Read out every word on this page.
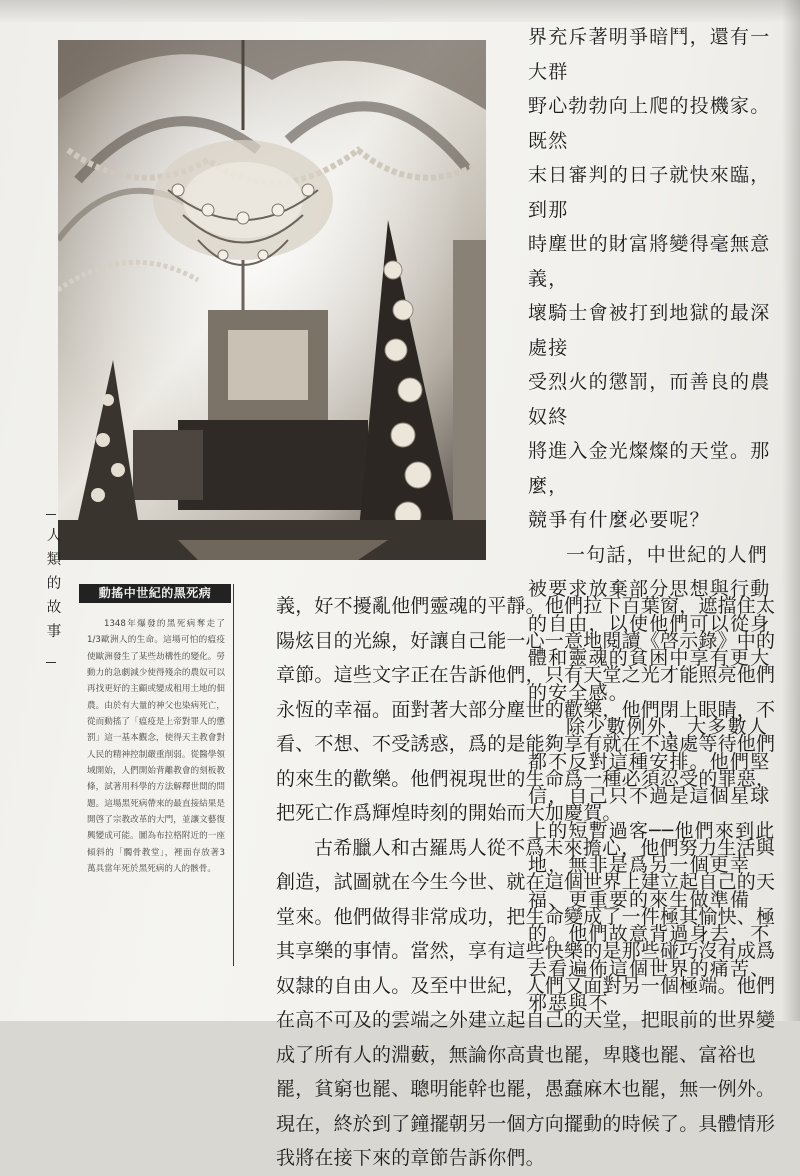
界充斥著明爭暗鬥，還有一大群

野心勃勃向上爬的投機家。既然

末日審判的日子就快來臨，到那

時塵世的財富將變得毫無意義，

壞騎士會被打到地獄的最深處接

受烈火的懲罰，而善良的農奴終

將進入金光燦燦的天堂。那麼，

競爭有什麼必要呢？

一句話，中世紀的人們被要求放棄部分思想與行動的自由，以使他們可以從身體和靈魂的貧困中享有更大的安全感。

除少數例外，大多數人都不反對這種安排。他們堅信，自己只不過是這個星球上的短暫過客──他們來到此地，無非是爲另一個更幸福、更重要的來生做準備的。他們故意背過身去，不去看遍佈這個世界的痛苦、邪惡與不

義，好不擾亂他們靈魂的平靜。他們拉下百葉窗，遮擋住太陽炫目的光線，好讓自己能一心一意地閱讀《啓示錄》中的章節。這些文字正在告訴他們，只有天堂之光才能照亮他們永恆的幸福。面對著大部分塵世的歡樂，他們閉上眼睛，不看、不想、不受誘惑，爲的是能夠享有就在不遠處等待他們的來生的歡樂。他們視現世的生命爲一種必須忍受的罪惡，把死亡作爲輝煌時刻的開始而大加慶賀。

古希臘人和古羅馬人從不爲未來擔心，他們努力生活與創造，試圖就在今生今世、就在這個世界上建立起自己的天堂來。他們做得非常成功，把生命變成了一件極其愉快、極其享樂的事情。當然，享有這些快樂的是那些碰巧沒有成爲奴隸的自由人。及至中世紀，人們又面對另一個極端。他們在高不可及的雲端之外建立起自己的天堂，把眼前的世界變成了所有人的淵藪，無論你高貴也罷，卑賤也罷、富裕也罷，貧窮也罷、聰明能幹也罷，愚蠢麻木也罷，無一例外。現在，終於到了鐘擺朝另一個方向擺動的時候了。具體情形我將在接下來的章節告訴你們。

人
類
的
故
事
動搖中世紀的黑死病

1348年爆發的黑死病奪走了1/3歐洲人的生命。這場可怕的瘟疫使歐洲發生了某些劫構性的變化。勞動力的急劇減少使得殘余的農奴可以再找更好的主顧或變成租用土地的佃農。由於有大量的神父也染病死亡，從而動搖了「瘟疫是上帝對罪人的懲罰」這一基本觀念，使得天主教會對人民的精神控制嚴重削弱。從醫學領域開始，人們開始背離教會的刻板教條，試著用科學的方法解釋世間的問題。這場黑死病帶來的最直接結果是開啓了宗教改革的大門，並讓文藝復興變成可能。圖為布拉格附近的一座傾斜的「髑骨教堂」，裡面存放著3萬具當年死於黑死病的人的骸骨。
